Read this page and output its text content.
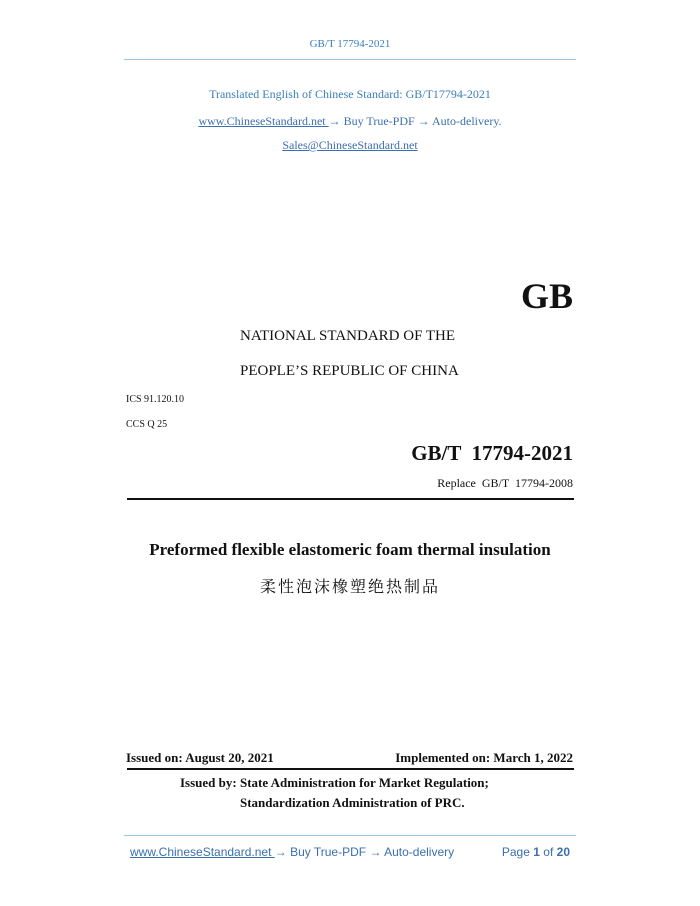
GB/T 17794-2021
Translated English of Chinese Standard: GB/T17794-2021
www.ChineseStandard.net → Buy True-PDF → Auto-delivery.
Sales@ChineseStandard.net
GB
NATIONAL STANDARD OF THE
PEOPLE’S REPUBLIC OF CHINA
ICS 91.120.10
CCS Q 25
GB/T  17794-2021
Replace  GB/T  17794-2008
Preformed flexible elastomeric foam thermal insulation
柔性泡沫橡塑绝热制品
Issued on: August 20, 2021	Implemented on: March 1, 2022
Issued by: State Administration for Market Regulation;
Standardization Administration of PRC.
www.ChineseStandard.net → Buy True-PDF → Auto-delivery	Page 1 of 20
